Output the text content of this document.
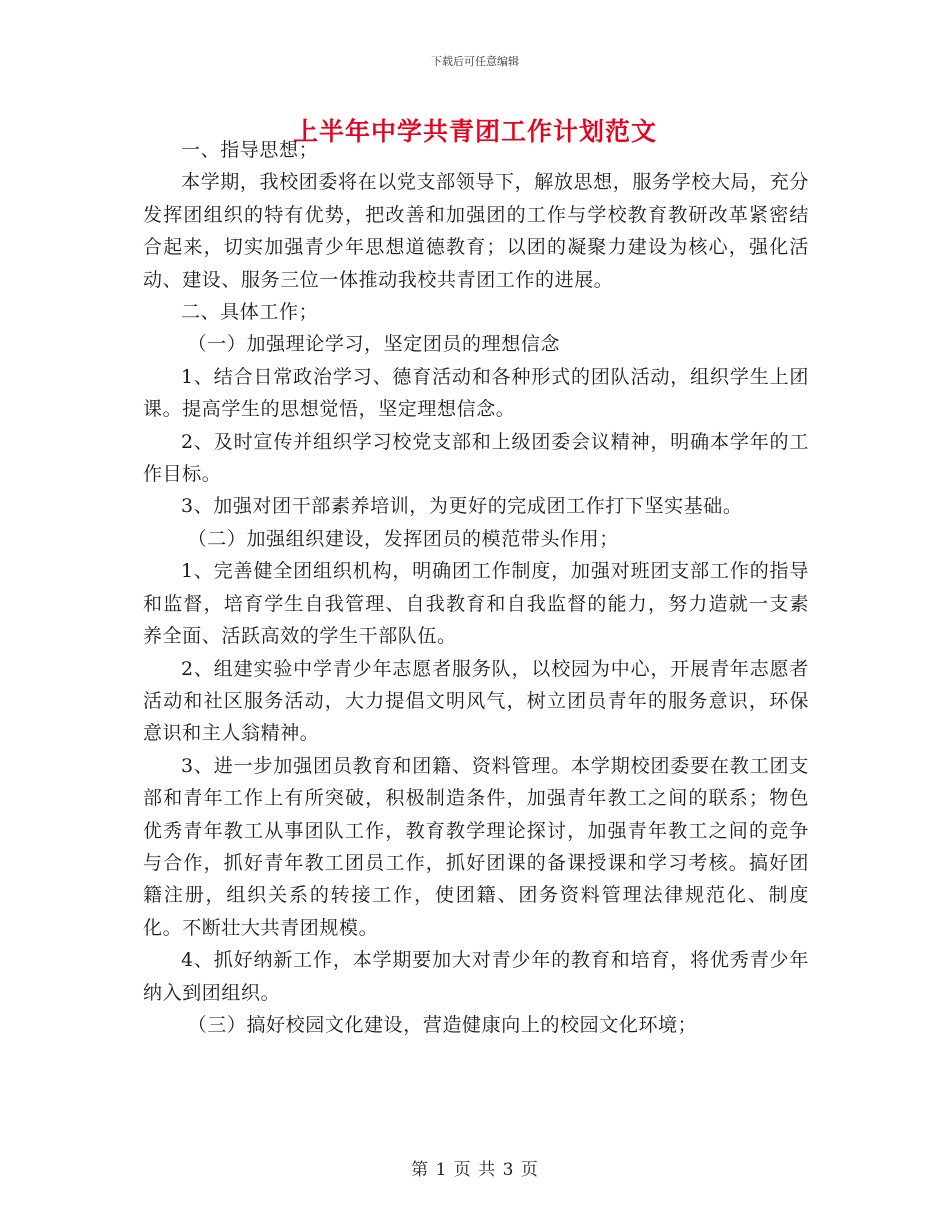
下载后可任意编辑
上半年中学共青团工作计划范文

一、指导思想；

本学期，我校团委将在以党支部领导下，解放思想，服务学校大局，充分发挥团组织的特有优势，把改善和加强团的工作与学校教育教研改革紧密结合起来，切实加强青少年思想道德教育；以团的凝聚力建设为核心，强化活动、建设、服务三位一体推动我校共青团工作的进展。

二、具体工作；

（一）加强理论学习，坚定团员的理想信念

1、结合日常政治学习、德育活动和各种形式的团队活动，组织学生上团课。提高学生的思想觉悟，坚定理想信念。

2、及时宣传并组织学习校党支部和上级团委会议精神，明确本学年的工作目标。

3、加强对团干部素养培训，为更好的完成团工作打下坚实基础。

（二）加强组织建设，发挥团员的模范带头作用；

1、完善健全团组织机构，明确团工作制度，加强对班团支部工作的指导和监督，培育学生自我管理、自我教育和自我监督的能力，努力造就一支素养全面、活跃高效的学生干部队伍。

2、组建实验中学青少年志愿者服务队，以校园为中心，开展青年志愿者活动和社区服务活动，大力提倡文明风气，树立团员青年的服务意识，环保意识和主人翁精神。

3、进一步加强团员教育和团籍、资料管理。本学期校团委要在教工团支部和青年工作上有所突破，积极制造条件，加强青年教工之间的联系；物色优秀青年教工从事团队工作，教育教学理论探讨，加强青年教工之间的竞争与合作，抓好青年教工团员工作，抓好团课的备课授课和学习考核。搞好团籍注册，组织关系的转接工作，使团籍、团务资料管理法律规范化、制度化。不断壮大共青团规模。

4、抓好纳新工作，本学期要加大对青少年的教育和培育，将优秀青少年纳入到团组织。

（三）搞好校园文化建设，营造健康向上的校园文化环境；

第 1 页 共 3 页
